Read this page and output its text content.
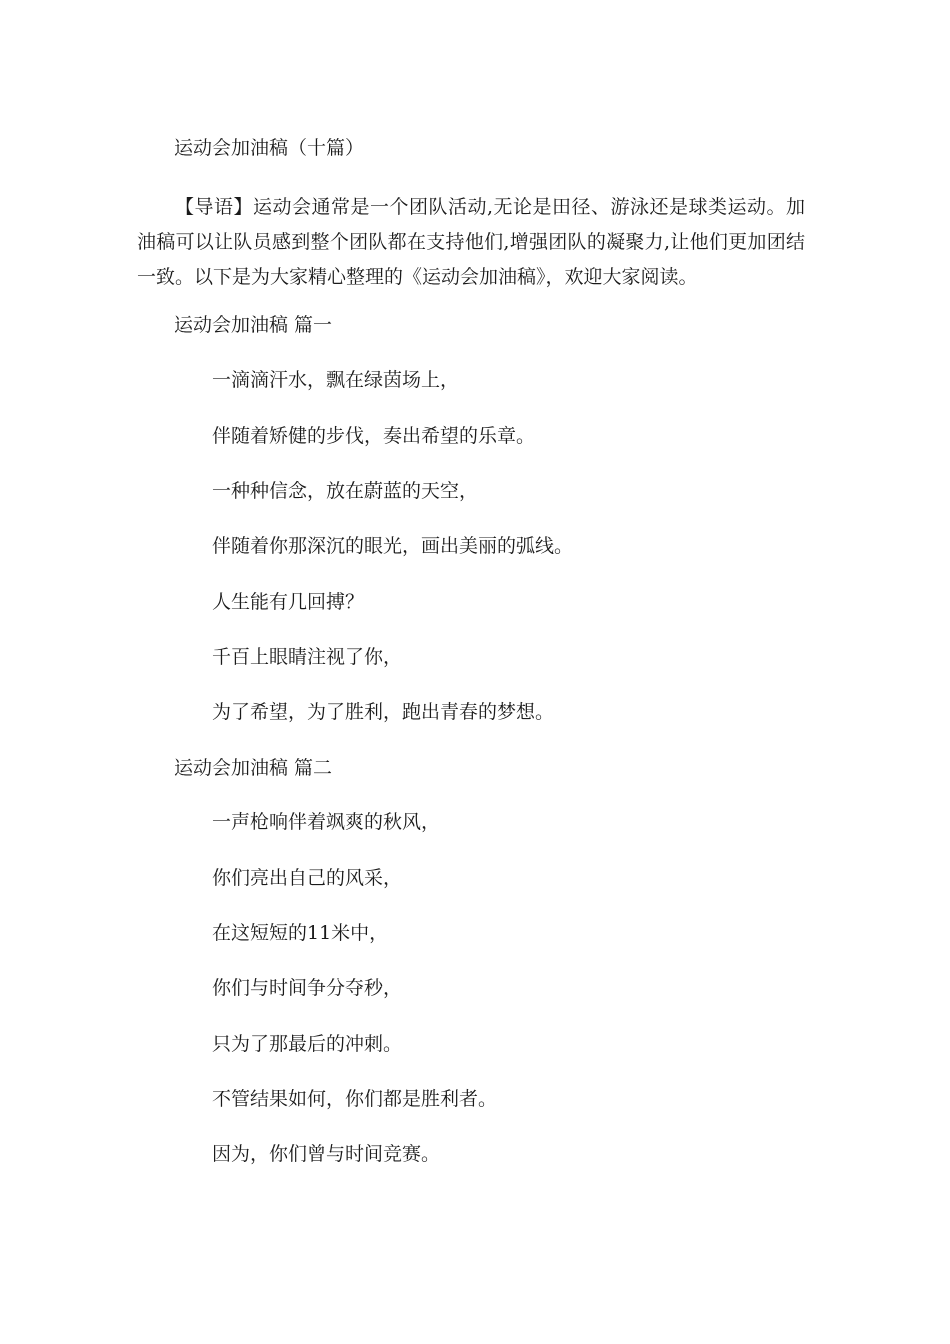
运动会加油稿（十篇）
【导语】运动会通常是一个团队活动,无论是田径、游泳还是球类运动。加油稿可以让队员感到整个团队都在支持他们,增强团队的凝聚力,让他们更加团结一致。以下是为大家精心整理的《运动会加油稿》，欢迎大家阅读。
运动会加油稿 篇一
一滴滴汗水，飘在绿茵场上，
伴随着矫健的步伐，奏出希望的乐章。
一种种信念，放在蔚蓝的天空，
伴随着你那深沉的眼光，画出美丽的弧线。
人生能有几回搏？
千百上眼睛注视了你，
为了希望，为了胜利，跑出青春的梦想。
运动会加油稿 篇二
一声枪响伴着飒爽的秋风，
你们亮出自己的风采，
在这短短的11米中，
你们与时间争分夺秒，
只为了那最后的冲刺。
不管结果如何，你们都是胜利者。
因为，你们曾与时间竞赛。
